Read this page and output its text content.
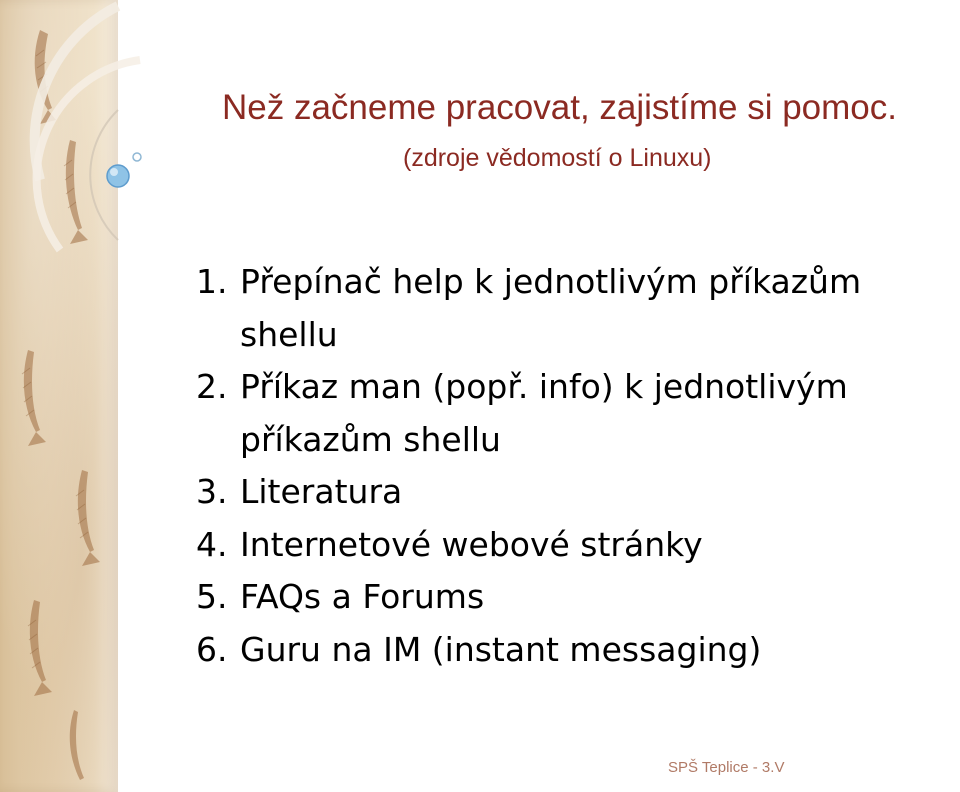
Než začneme pracovat, zajistíme si pomoc.
(zdroje vědomostí o Linuxu)
1. Přepínač help k jednotlivým příkazům shellu
2. Příkaz man (popř. info) k jednotlivým příkazům shellu
3. Literatura
4. Internetové webové stránky
5. FAQs a Forums
6. Guru na IM (instant messaging)
SPŠ Teplice - 3.V
